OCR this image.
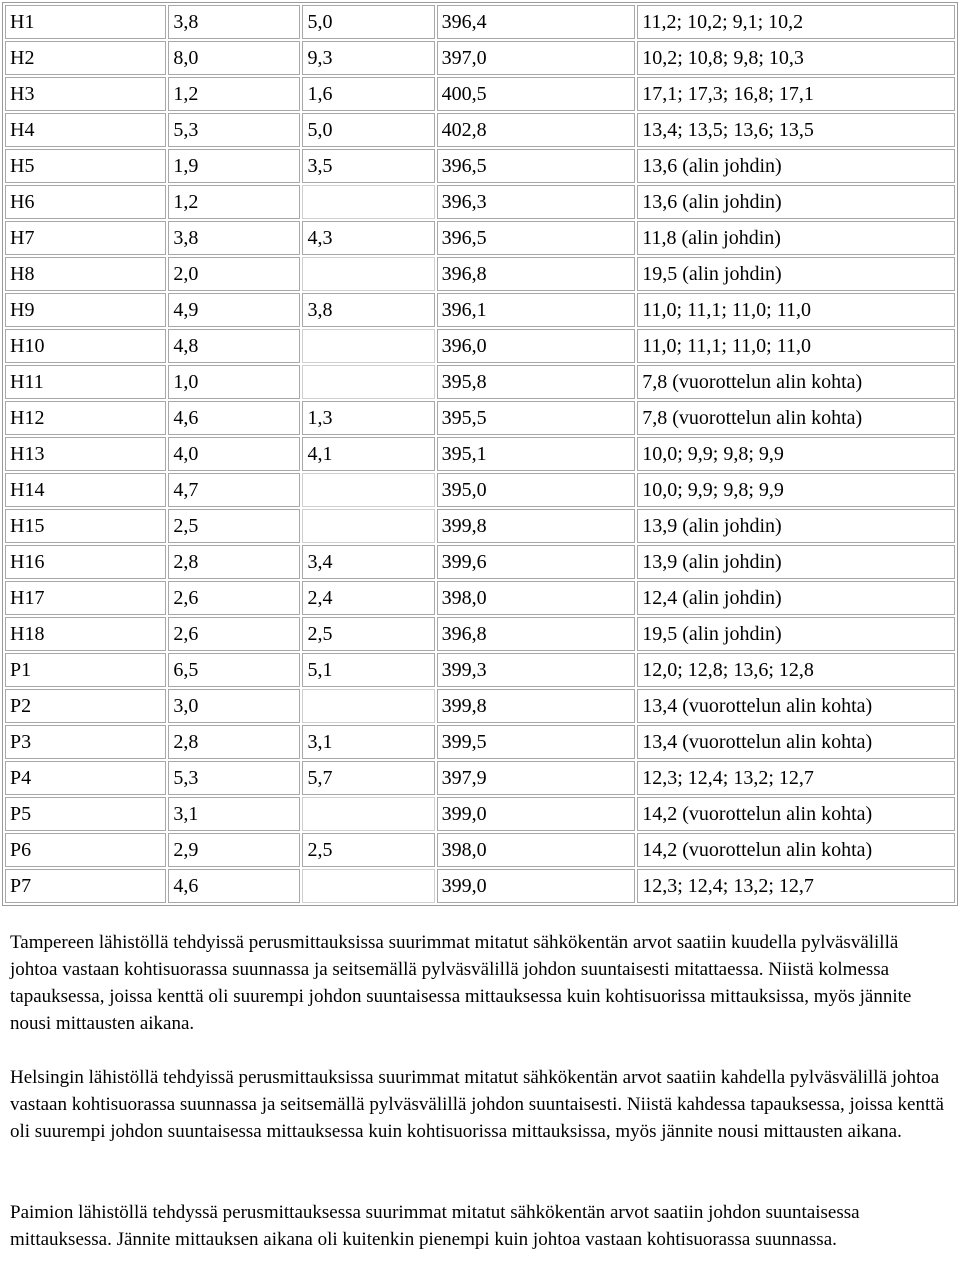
H1	3,8	5,0	396,4	11,2; 10,2; 9,1; 10,2
H2	8,0	9,3	397,0	10,2; 10,8; 9,8; 10,3
H3	1,2	1,6	400,5	17,1; 17,3; 16,8; 17,1
H4	5,3	5,0	402,8	13,4; 13,5; 13,6; 13,5
H5	1,9	3,5	396,5	13,6 (alin johdin)
H6	1,2		396,3	13,6 (alin johdin)
H7	3,8	4,3	396,5	11,8 (alin johdin)
H8	2,0		396,8	19,5 (alin johdin)
H9	4,9	3,8	396,1	11,0; 11,1; 11,0; 11,0
H10	4,8		396,0	11,0; 11,1; 11,0; 11,0
H11	1,0		395,8	7,8 (vuorottelun alin kohta)
H12	4,6	1,3	395,5	7,8 (vuorottelun alin kohta)
H13	4,0	4,1	395,1	10,0; 9,9; 9,8; 9,9
H14	4,7		395,0	10,0; 9,9; 9,8; 9,9
H15	2,5		399,8	13,9 (alin johdin)
H16	2,8	3,4	399,6	13,9 (alin johdin)
H17	2,6	2,4	398,0	12,4 (alin johdin)
H18	2,6	2,5	396,8	19,5 (alin johdin)
P1	6,5	5,1	399,3	12,0; 12,8; 13,6; 12,8
P2	3,0		399,8	13,4 (vuorottelun alin kohta)
P3	2,8	3,1	399,5	13,4 (vuorottelun alin kohta)
P4	5,3	5,7	397,9	12,3; 12,4; 13,2; 12,7
P5	3,1		399,0	14,2 (vuorottelun alin kohta)
P6	2,9	2,5	398,0	14,2 (vuorottelun alin kohta)
P7	4,6		399,0	12,3; 12,4; 13,2; 12,7

Tampereen lähistöllä tehdyissä perusmittauksissa suurimmat mitatut sähkökentän arvot saatiin kuudella pylväsvälillä johtoa vastaan kohtisuorassa suunnassa ja seitsemällä pylväsvälillä johdon suuntaisesti mitattaessa. Niistä kolmessa tapauksessa, joissa kenttä oli suurempi johdon suuntaisessa mittauksessa kuin kohtisuorissa mittauksissa, myös jännite nousi mittausten aikana.

Helsingin lähistöllä tehdyissä perusmittauksissa suurimmat mitatut sähkökentän arvot saatiin kahdella pylväsvälillä johtoa vastaan kohtisuorassa suunnassa ja seitsemällä pylväsvälillä johdon suuntaisesti. Niistä kahdessa tapauksessa, joissa kenttä oli suurempi johdon suuntaisessa mittauksessa kuin kohtisuorissa mittauksissa, myös jännite nousi mittausten aikana.

Paimion lähistöllä tehdyssä perusmittauksessa suurimmat mitatut sähkökentän arvot saatiin johdon suuntaisessa mittauksessa. Jännite mittauksen aikana oli kuitenkin pienempi kuin johtoa vastaan kohtisuorassa suunnassa.
